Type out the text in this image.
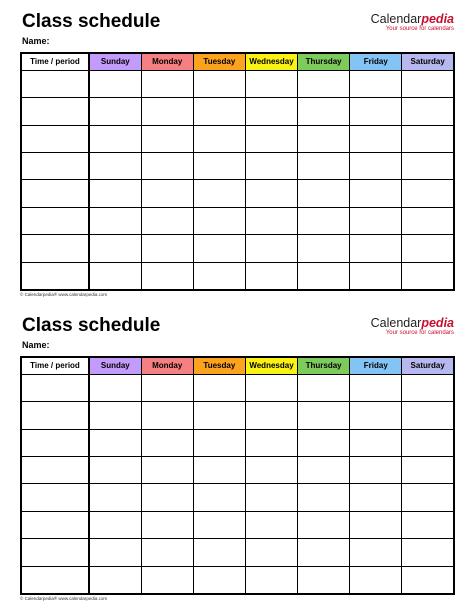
Class schedule
Name:
Calendarpedia
Your source for calendars
Time / period	Sunday	Monday	Tuesday	Wednesday	Thursday	Friday	Saturday

© Calendarpedia® www.calendarpedia.com
Class schedule
Name:
Calendarpedia
Your source for calendars
Time / period	Sunday	Monday	Tuesday	Wednesday	Thursday	Friday	Saturday

© Calendarpedia® www.calendarpedia.com
